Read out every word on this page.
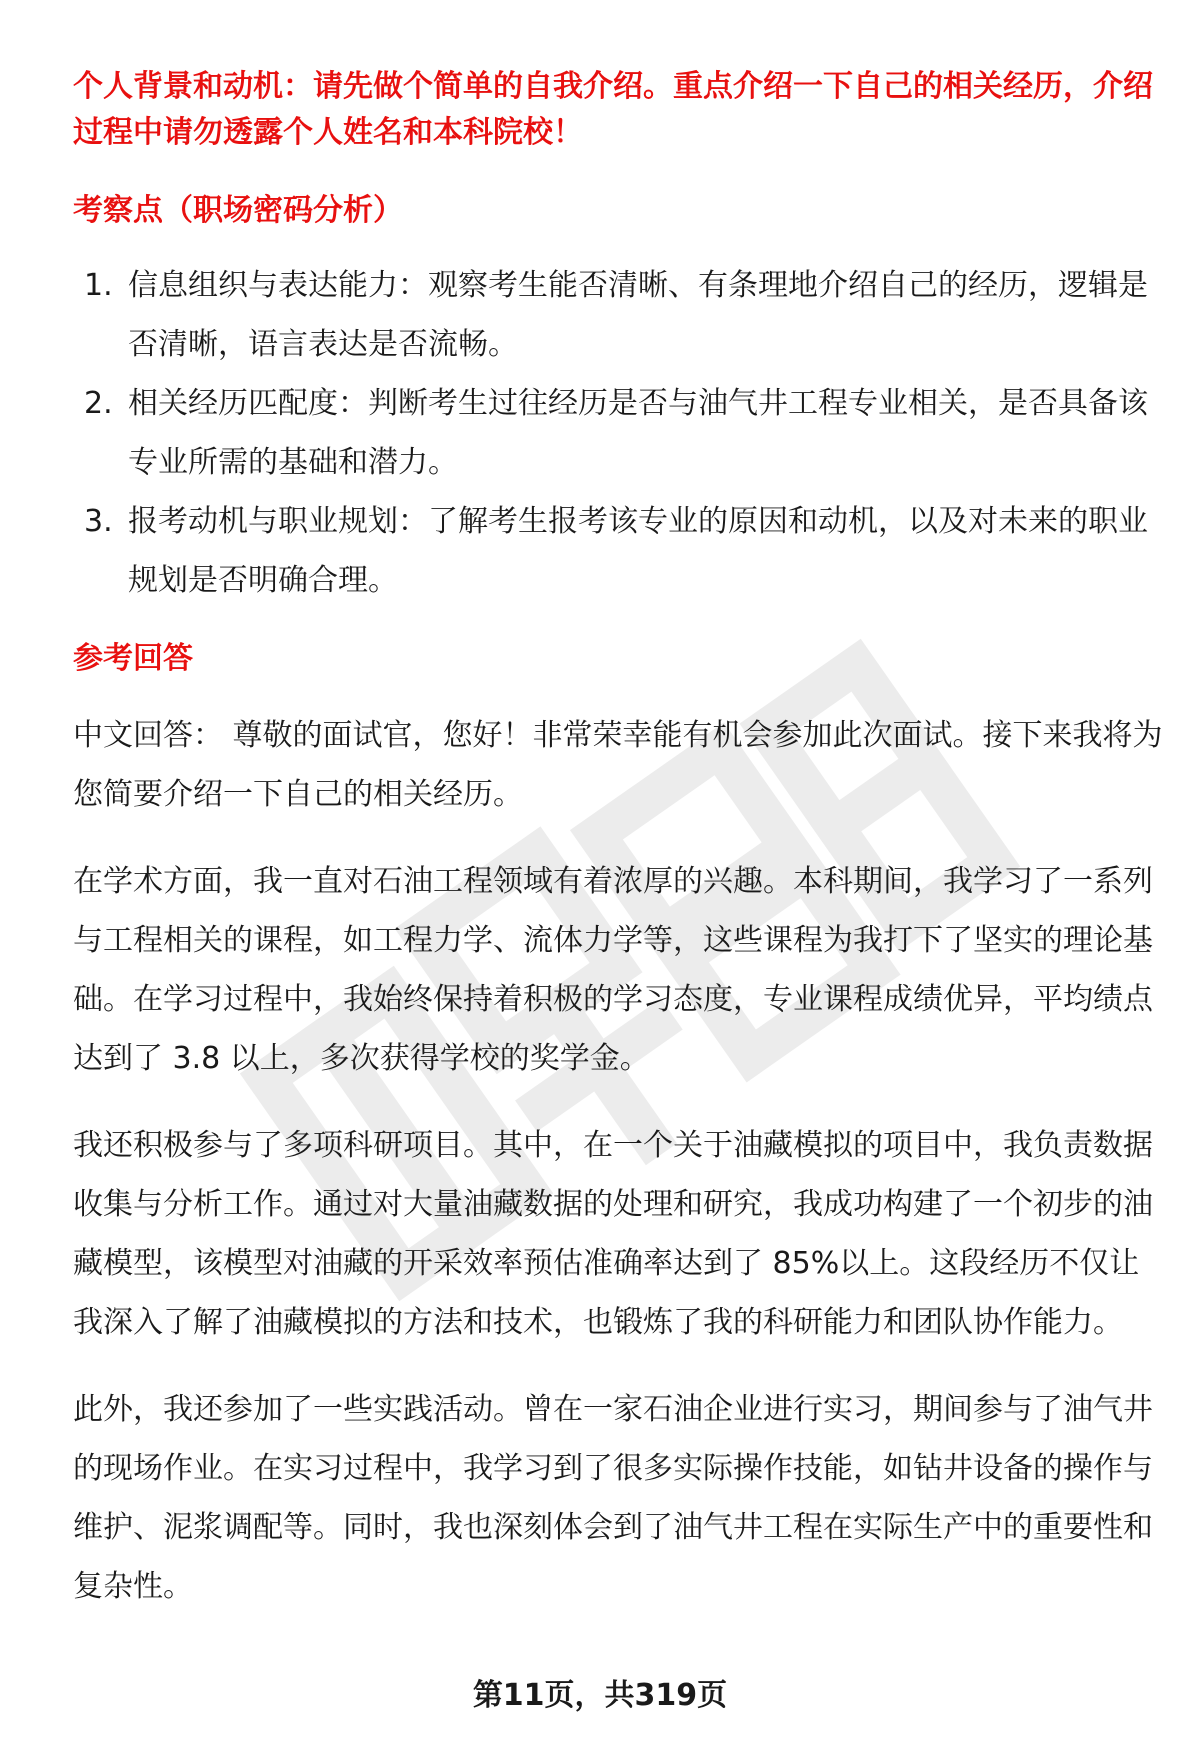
个人背景和动机：请先做个简单的自我介绍。重点介绍一下自己的相关经历，介绍过程中请勿透露个人姓名和本科院校！

考察点（职场密码分析）
1. 信息组织与表达能力：观察考生能否清晰、有条理地介绍自己的经历，逻辑是否清晰，语言表达是否流畅。
2. 相关经历匹配度：判断考生过往经历是否与油气井工程专业相关，是否具备该专业所需的基础和潜力。
3. 报考动机与职业规划：了解考生报考该专业的原因和动机，以及对未来的职业规划是否明确合理。
参考回答

中文回答： 尊敬的面试官，您好！非常荣幸能有机会参加此次面试。接下来我将为您简要介绍一下自己的相关经历。

在学术方面，我一直对石油工程领域有着浓厚的兴趣。本科期间，我学习了一系列与工程相关的课程，如工程力学、流体力学等，这些课程为我打下了坚实的理论基础。在学习过程中，我始终保持着积极的学习态度，专业课程成绩优异，平均绩点达到了 3.8 以上，多次获得学校的奖学金。

我还积极参与了多项科研项目。其中，在一个关于油藏模拟的项目中，我负责数据收集与分析工作。通过对大量油藏数据的处理和研究，我成功构建了一个初步的油藏模型，该模型对油藏的开采效率预估准确率达到了 85%以上。这段经历不仅让我深入了解了油藏模拟的方法和技术，也锻炼了我的科研能力和团队协作能力。

此外，我还参加了一些实践活动。曾在一家石油企业进行实习，期间参与了油气井的现场作业。在实习过程中，我学习到了很多实际操作技能，如钻井设备的操作与维护、泥浆调配等。同时，我也深刻体会到了油气井工程在实际生产中的重要性和复杂性。

第11页，共319页
